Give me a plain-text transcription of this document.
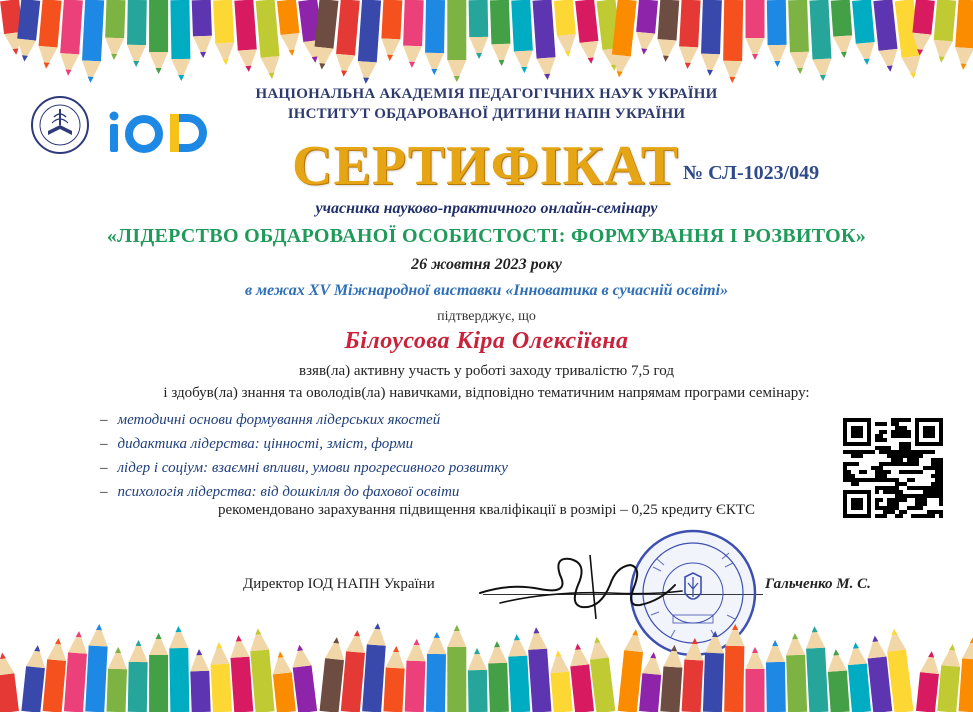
НАЦІОНАЛЬНА АКАДЕМІЯ ПЕДАГОГІЧНИХ НАУК УКРАЇНИ
ІНСТИТУТ ОБДАРОВАНОЇ ДИТИНИ НАПН УКРАЇНИ
СЕРТИФІКАТ № СЛ-1023/049
учасника науково-практичного онлайн-семінару
«ЛІДЕРСТВО ОБДАРОВАНОЇ ОСОБИСТОСТІ: ФОРМУВАННЯ І РОЗВИТОК»
26 жовтня 2023 року
в межах XV Міжнародної виставки «Інноватика в сучасній освіті»
підтверджує, що
Білоусова Кіра Олексіївна
взяв(ла) активну участь у роботі заходу тривалістю 7,5 год
і здобув(ла) знання та оволодів(ла) навичками, відповідно тематичним напрямам програми семінару:
– методичні основи формування лідерських якостей
– дидактика лідерства: цінності, зміст, форми
– лідер і соціум: взаємні впливи, умови прогресивного розвитку
– психологія лідерства: від дошкілля до фахової освіти
рекомендовано зарахування підвищення кваліфікації в розмірі – 0,25 кредиту ЄКТС
Директор ІОД НАПН України	Гальченко М. С.
